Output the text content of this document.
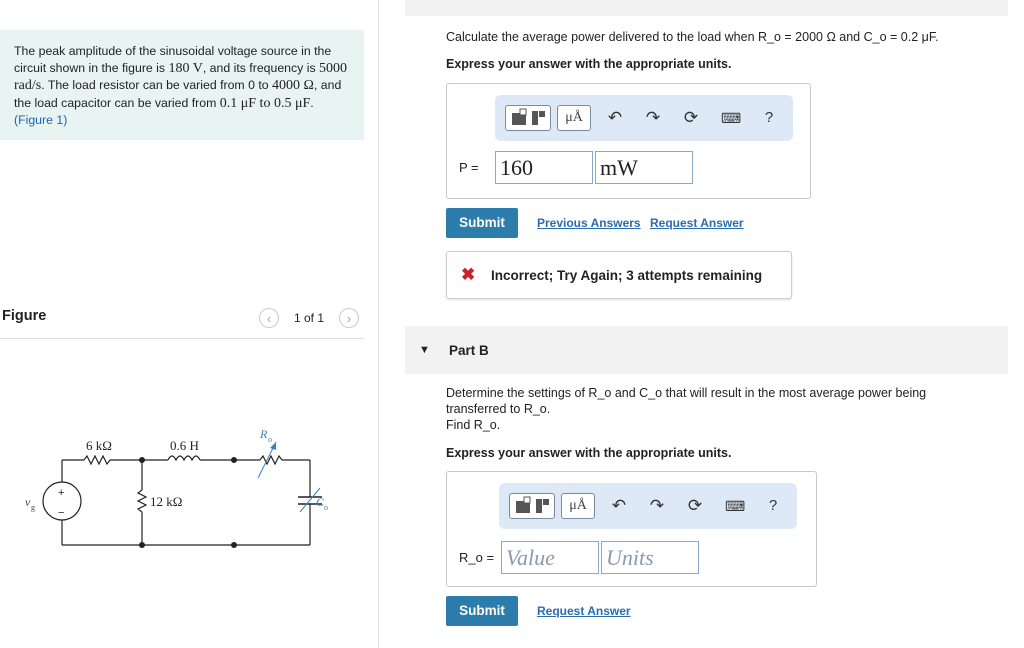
The peak amplitude of the sinusoidal voltage source in the circuit shown in the figure is 180 V, and its frequency is 5000 rad/s. The load resistor can be varied from 0 to 4000 Ω, and the load capacitor can be varied from 0.1 μF to 0.5 μF. (Figure 1)
Figure	‹	1 of 1	›
6 kΩ	0.6 H
12 kΩ
R o
C o
v g
+
−
Calculate the average power delivered to the load when R_o = 2000 Ω and C_o = 0.2 μF.
Express your answer with the appropriate units.
μÅ	↶ ↷ ⟳ ⌨ ?
P = 160	mW
Submit	Previous Answers Request Answer
✖ Incorrect; Try Again; 3 attempts remaining
▼ Part B
Determine the settings of R_o and C_o that will result in the most average power being
transferred to R_o.
Find R_o.
Express your answer with the appropriate units.
μÅ	↶ ↷ ⟳ ⌨ ?
R_o = Value	Units
Submit	Request Answer
